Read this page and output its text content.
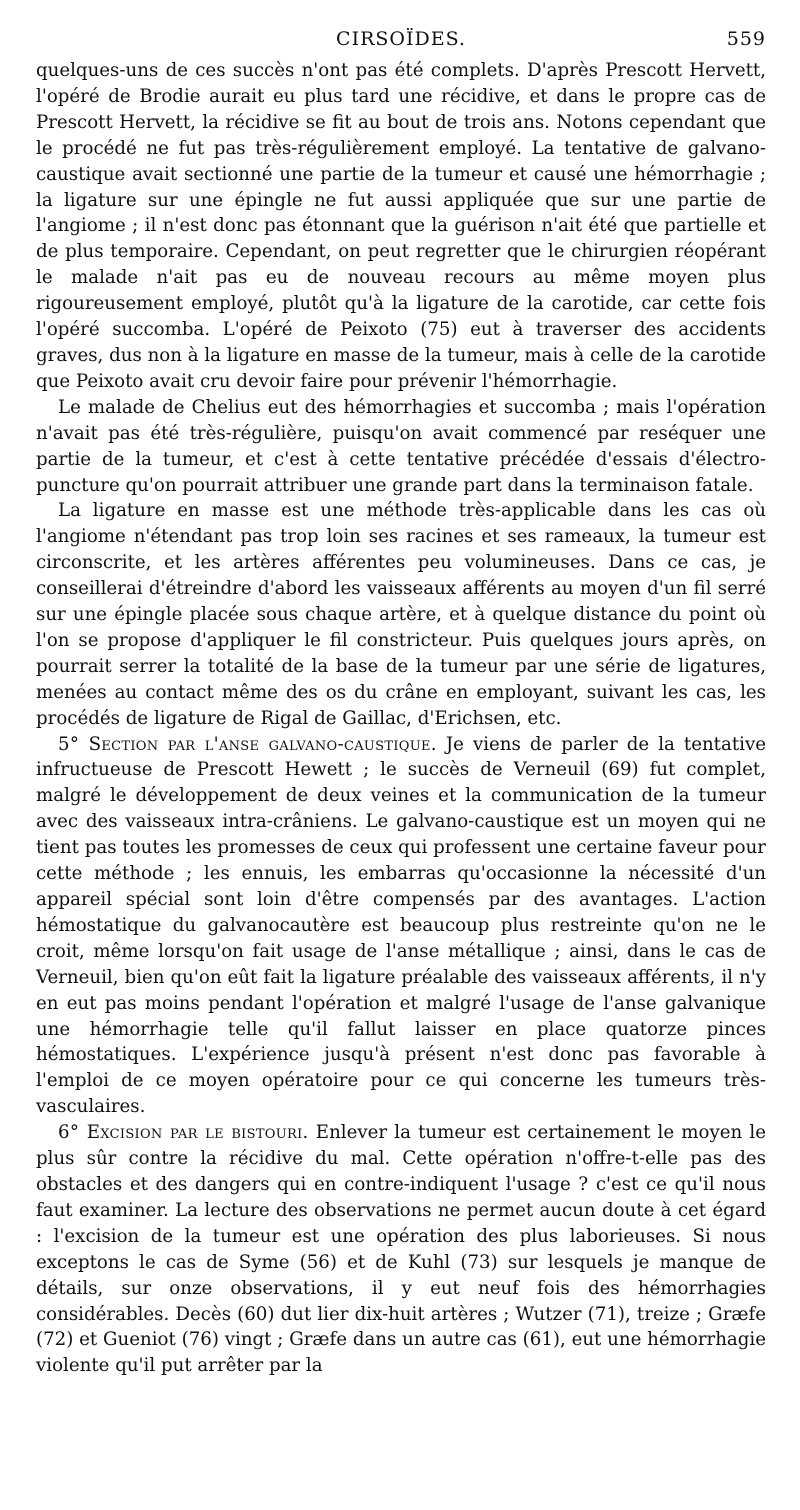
CIRSOÏDES.	559

quelques-uns de ces succès n'ont pas été complets. D'après Prescott Hervett, l'opéré de Brodie aurait eu plus tard une récidive, et dans le propre cas de Prescott Hervett, la récidive se fit au bout de trois ans. Notons cependant que le procédé ne fut pas très-régulièrement employé. La tentative de galvano-caustique avait sectionné une partie de la tumeur et causé une hémorrhagie ; la ligature sur une épingle ne fut aussi appliquée que sur une partie de l'angiome ; il n'est donc pas étonnant que la guérison n'ait été que partielle et de plus temporaire. Cependant, on peut regretter que le chirurgien réopérant le malade n'ait pas eu de nouveau recours au même moyen plus rigoureusement employé, plutôt qu'à la ligature de la carotide, car cette fois l'opéré succomba. L'opéré de Peixoto (75) eut à traverser des accidents graves, dus non à la ligature en masse de la tumeur, mais à celle de la carotide que Peixoto avait cru devoir faire pour prévenir l'hémorrhagie.

Le malade de Chelius eut des hémorrhagies et succomba ; mais l'opération n'avait pas été très-régulière, puisqu'on avait commencé par reséquer une partie de la tumeur, et c'est à cette tentative précédée d'essais d'électro-puncture qu'on pourrait attribuer une grande part dans la terminaison fatale.

La ligature en masse est une méthode très-applicable dans les cas où l'angiome n'étendant pas trop loin ses racines et ses rameaux, la tumeur est circonscrite, et les artères afférentes peu volumineuses. Dans ce cas, je conseillerai d'étreindre d'abord les vaisseaux afférents au moyen d'un fil serré sur une épingle placée sous chaque artère, et à quelque distance du point où l'on se propose d'appliquer le fil constricteur. Puis quelques jours après, on pourrait serrer la totalité de la base de la tumeur par une série de ligatures, menées au contact même des os du crâne en employant, suivant les cas, les procédés de ligature de Rigal de Gaillac, d'Erichsen, etc.

5° Section par l'anse galvano-caustique. Je viens de parler de la tentative infructueuse de Prescott Hewett ; le succès de Verneuil (69) fut complet, malgré le développement de deux veines et la communication de la tumeur avec des vaisseaux intra-crâniens. Le galvano-caustique est un moyen qui ne tient pas toutes les promesses de ceux qui professent une certaine faveur pour cette méthode ; les ennuis, les embarras qu'occasionne la nécessité d'un appareil spécial sont loin d'être compensés par des avantages. L'action hémostatique du galvanocautère est beaucoup plus restreinte qu'on ne le croit, même lorsqu'on fait usage de l'anse métallique ; ainsi, dans le cas de Verneuil, bien qu'on eût fait la ligature préalable des vaisseaux afférents, il n'y en eut pas moins pendant l'opération et malgré l'usage de l'anse galvanique une hémorrhagie telle qu'il fallut laisser en place quatorze pinces hémostatiques. L'expérience jusqu'à présent n'est donc pas favorable à l'emploi de ce moyen opératoire pour ce qui concerne les tumeurs très-vasculaires.

6° Excision par le bistouri. Enlever la tumeur est certainement le moyen le plus sûr contre la récidive du mal. Cette opération n'offre-t-elle pas des obstacles et des dangers qui en contre-indiquent l'usage ? c'est ce qu'il nous faut examiner. La lecture des observations ne permet aucun doute à cet égard : l'excision de la tumeur est une opération des plus laborieuses. Si nous exceptons le cas de Syme (56) et de Kuhl (73) sur lesquels je manque de détails, sur onze observations, il y eut neuf fois des hémorrhagies considérables. Decès (60) dut lier dix-huit artères ; Wutzer (71), treize ; Græfe (72) et Gueniot (76) vingt ; Græfe dans un autre cas (61), eut une hémorrhagie violente qu'il put arrêter par la
